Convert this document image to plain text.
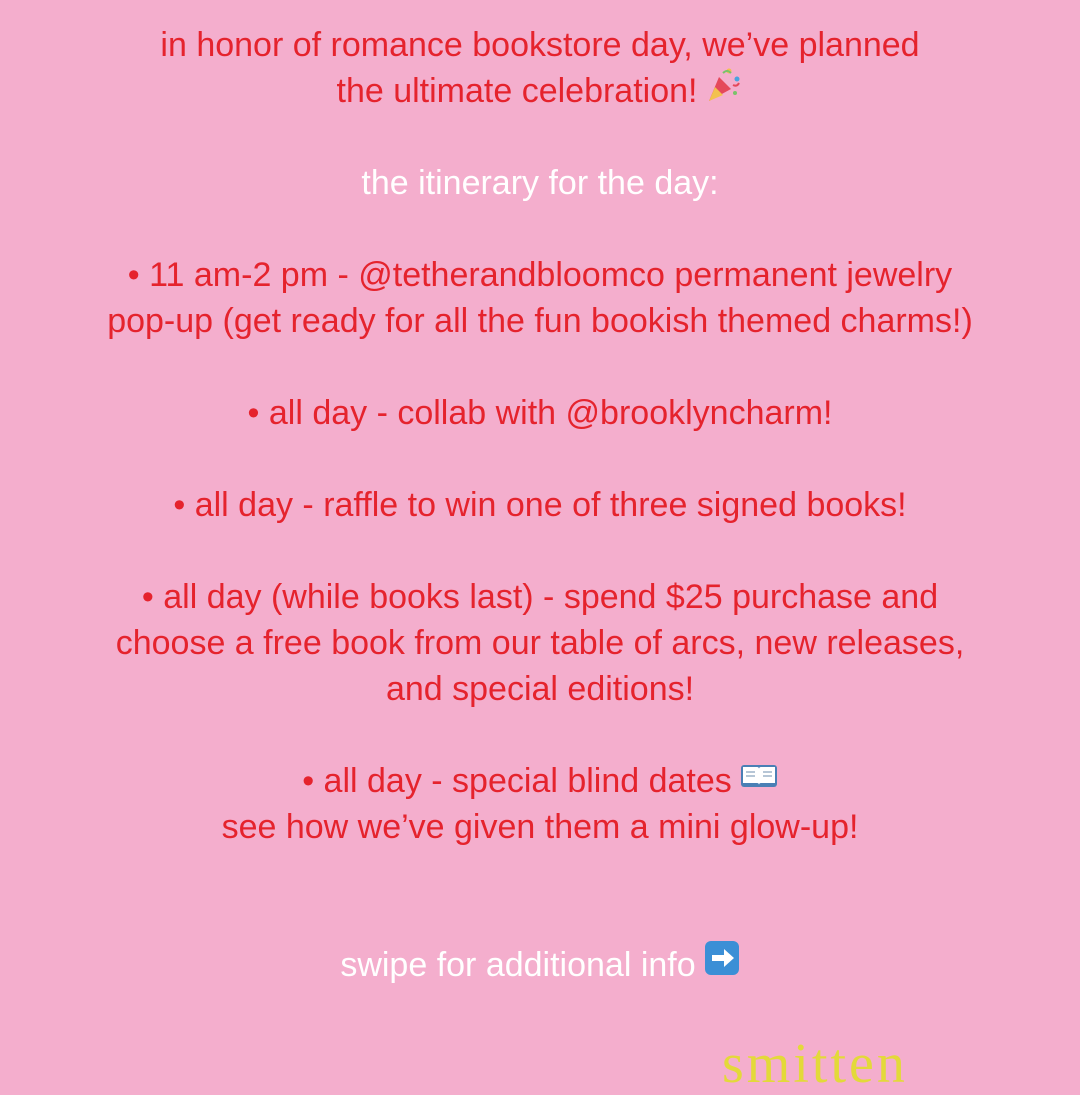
in honor of romance bookstore day, we’ve planned
the ultimate celebration!
the itinerary for the day:
• 11 am-2 pm - @tetherandbloomco permanent jewelry
pop-up (get ready for all the fun bookish themed charms!)
• all day - collab with @brooklyncharm!
• all day - raffle to win one of three signed books!
• all day (while books last) - spend $25 purchase and
choose a free book from our table of arcs, new releases,
and special editions!
• all day - special blind dates
see how we’ve given them a mini glow-up!
swipe for additional info
smitten
